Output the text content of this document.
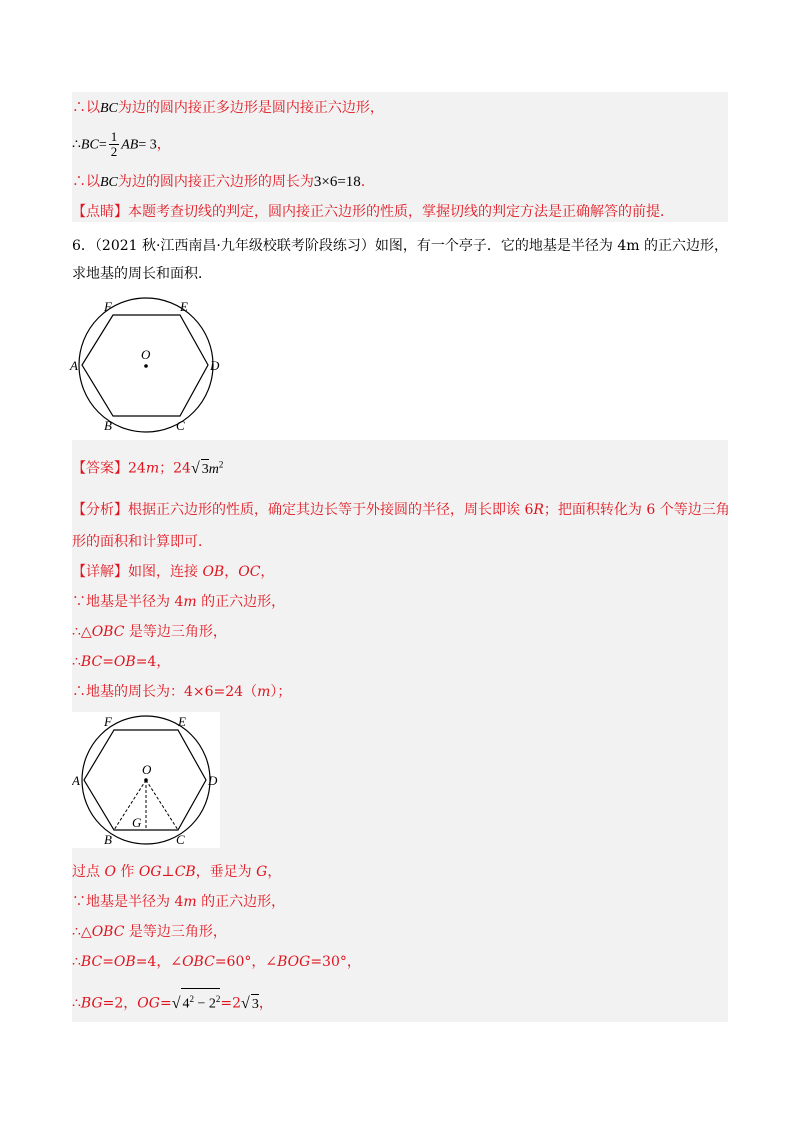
∴以BC为边的圆内接正多边形是圆内接正六边形，
∴BC= $\frac{1}{2} AB= 3$，
∴以BC为边的圆内接正六边形的周长为3×6=18．
【点睛】本题考查切线的判定，圆内接正六边形的性质，掌握切线的判定方法是正确解答的前提．
6．（2021 秋·江西南昌·九年级校联考阶段练习）如图，有一个亭子．它的地基是半径为 4m 的正六边形，
求地基的周长和面积．
F	E
A	D
B	C
O
【答案】24m；24√ $3m^2$
【分析】根据正六边形的性质，确定其边长等于外接圆的半径，周长即诶 6R；把面积转化为 6 个等边三角
形的面积和计算即可．
【详解】如图，连接 OB，OC，
∵地基是半径为 4m 的正六边形，
∴△OBC 是等边三角形，
∴BC=OB=4，
∴地基的周长为：4×6=24（m）；
F	E
A	D
B	C
O
G
过点 O 作 OG⊥CB，垂足为 G，
∵地基是半径为 4m 的正六边形，
∴△OBC 是等边三角形，
∴BC=OB=4，∠OBC=60°，∠BOG=30°，
∴BG=2，OG=√ $4^2 - 2^2=2√$ 3，
